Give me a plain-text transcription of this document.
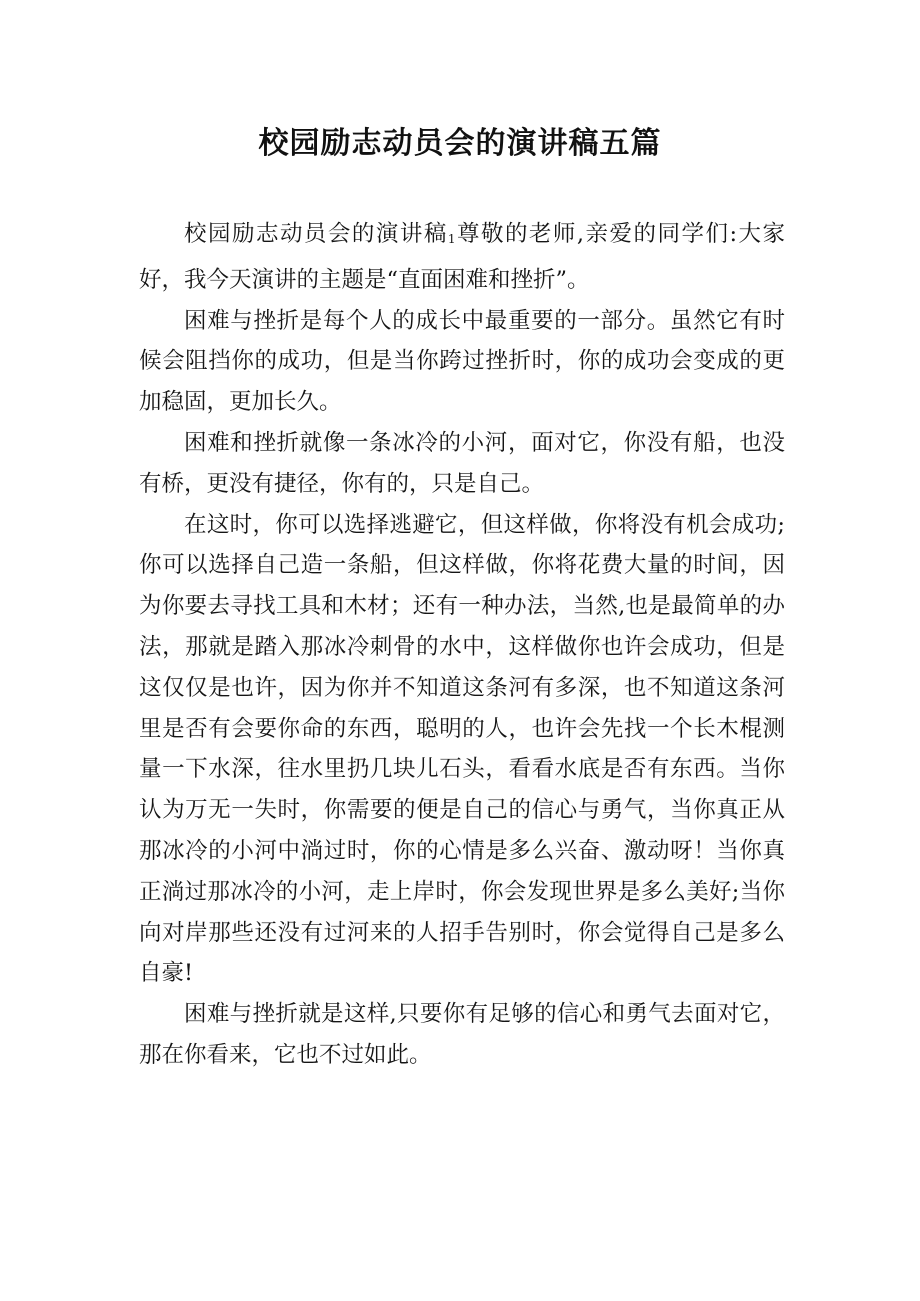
校园励志动员会的演讲稿五篇

校园励志动员会的演讲稿1尊敬的老师,亲爱的同学们:大家好，我今天演讲的主题是“直面困难和挫折”。

困难与挫折是每个人的成长中最重要的一部分。虽然它有时候会阻挡你的成功，但是当你跨过挫折时，你的成功会变成的更加稳固，更加长久。

困难和挫折就像一条冰冷的小河，面对它，你没有船，也没有桥，更没有捷径，你有的，只是自己。

在这时，你可以选择逃避它，但这样做，你将没有机会成功;你可以选择自己造一条船，但这样做，你将花费大量的时间，因为你要去寻找工具和木材；还有一种办法，当然,也是最简单的办法，那就是踏入那冰冷刺骨的水中，这样做你也许会成功，但是这仅仅是也许，因为你并不知道这条河有多深，也不知道这条河里是否有会要你命的东西，聪明的人，也许会先找一个长木棍测量一下水深，往水里扔几块儿石头，看看水底是否有东西。当你认为万无一失时，你需要的便是自己的信心与勇气，当你真正从那冰冷的小河中淌过时，你的心情是多么兴奋、激动呀！当你真正淌过那冰冷的小河，走上岸时，你会发现世界是多么美好;当你向对岸那些还没有过河来的人招手告别时，你会觉得自己是多么自豪!

困难与挫折就是这样,只要你有足够的信心和勇气去面对它，那在你看来，它也不过如此。
